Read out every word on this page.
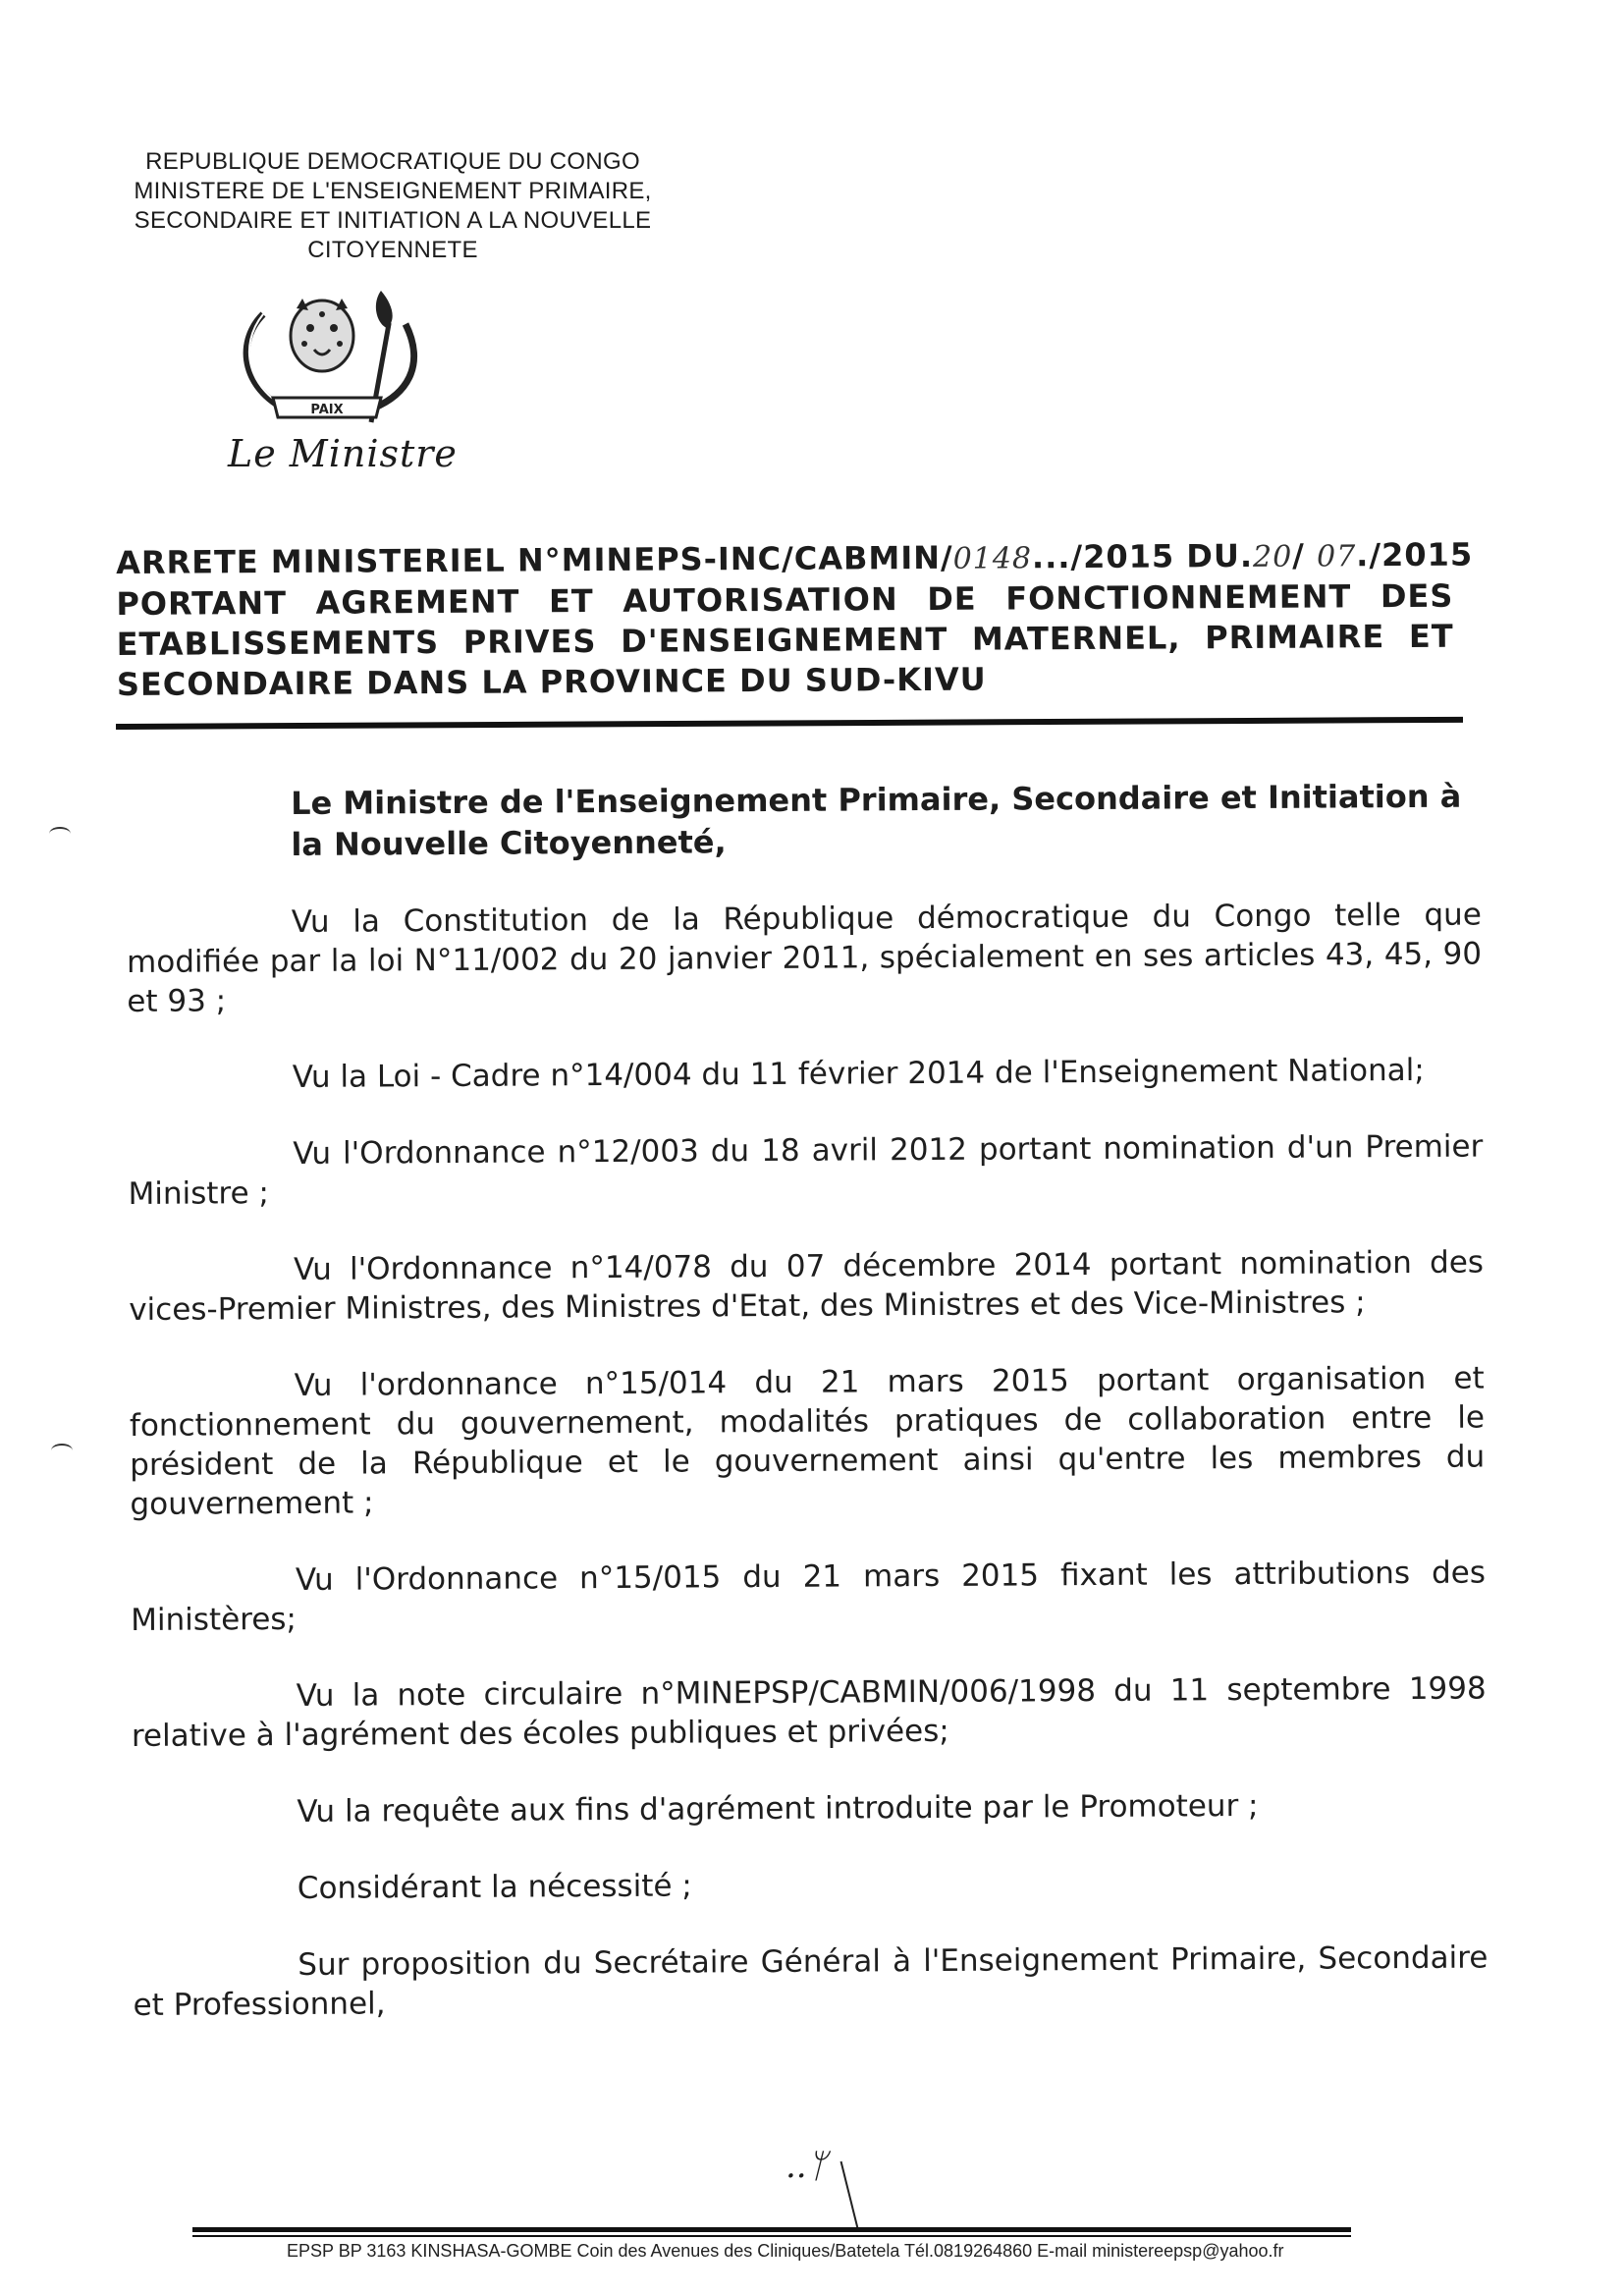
REPUBLIQUE DEMOCRATIQUE DU CONGO
MINISTERE DE L'ENSEIGNEMENT PRIMAIRE,
SECONDAIRE ET INITIATION A LA NOUVELLE
CITOYENNETE
PAIX
Le Ministre
ARRETE MINISTERIEL N°MINEPS-INC/CABMIN/0148.../2015 DU.20/ 07./2015
PORTANT AGREMENT ET AUTORISATION DE FONCTIONNEMENT DES
ETABLISSEMENTS PRIVES D'ENSEIGNEMENT MATERNEL, PRIMAIRE ET
SECONDAIRE DANS LA PROVINCE DU SUD-KIVU
Le Ministre de l'Enseignement Primaire, Secondaire et Initiation à la Nouvelle Citoyenneté,
Vu la Constitution de la République démocratique du Congo telle que modifiée par la loi N°11/002 du 20 janvier 2011, spécialement en ses articles 43, 45, 90 et 93 ;
Vu la Loi - Cadre n°14/004 du 11 février 2014 de l'Enseignement National;
Vu l'Ordonnance n°12/003 du 18 avril 2012 portant nomination d'un Premier Ministre ;
Vu l'Ordonnance n°14/078 du 07 décembre 2014 portant nomination des vices-Premier Ministres, des Ministres d'Etat, des Ministres et des Vice-Ministres ;
Vu l'ordonnance n°15/014 du 21 mars 2015 portant organisation et fonctionnement du gouvernement, modalités pratiques de collaboration entre le président de la République et le gouvernement ainsi qu'entre les membres du gouvernement ;
Vu l'Ordonnance n°15/015 du 21 mars 2015 fixant les attributions des Ministères;
Vu la note circulaire n°MINEPSP/CABMIN/006/1998 du 11 septembre 1998 relative à l'agrément des écoles publiques et privées;
Vu la requête aux fins d'agrément introduite par le Promoteur ;
Considérant la nécessité ;
Sur proposition du Secrétaire Général à l'Enseignement Primaire, Secondaire et Professionnel,
..ᛘ
EPSP BP 3163 KINSHASA-GOMBE Coin des Avenues des Cliniques/Batetela Tél.0819264860 E-mail ministereepsp@yahoo.fr
